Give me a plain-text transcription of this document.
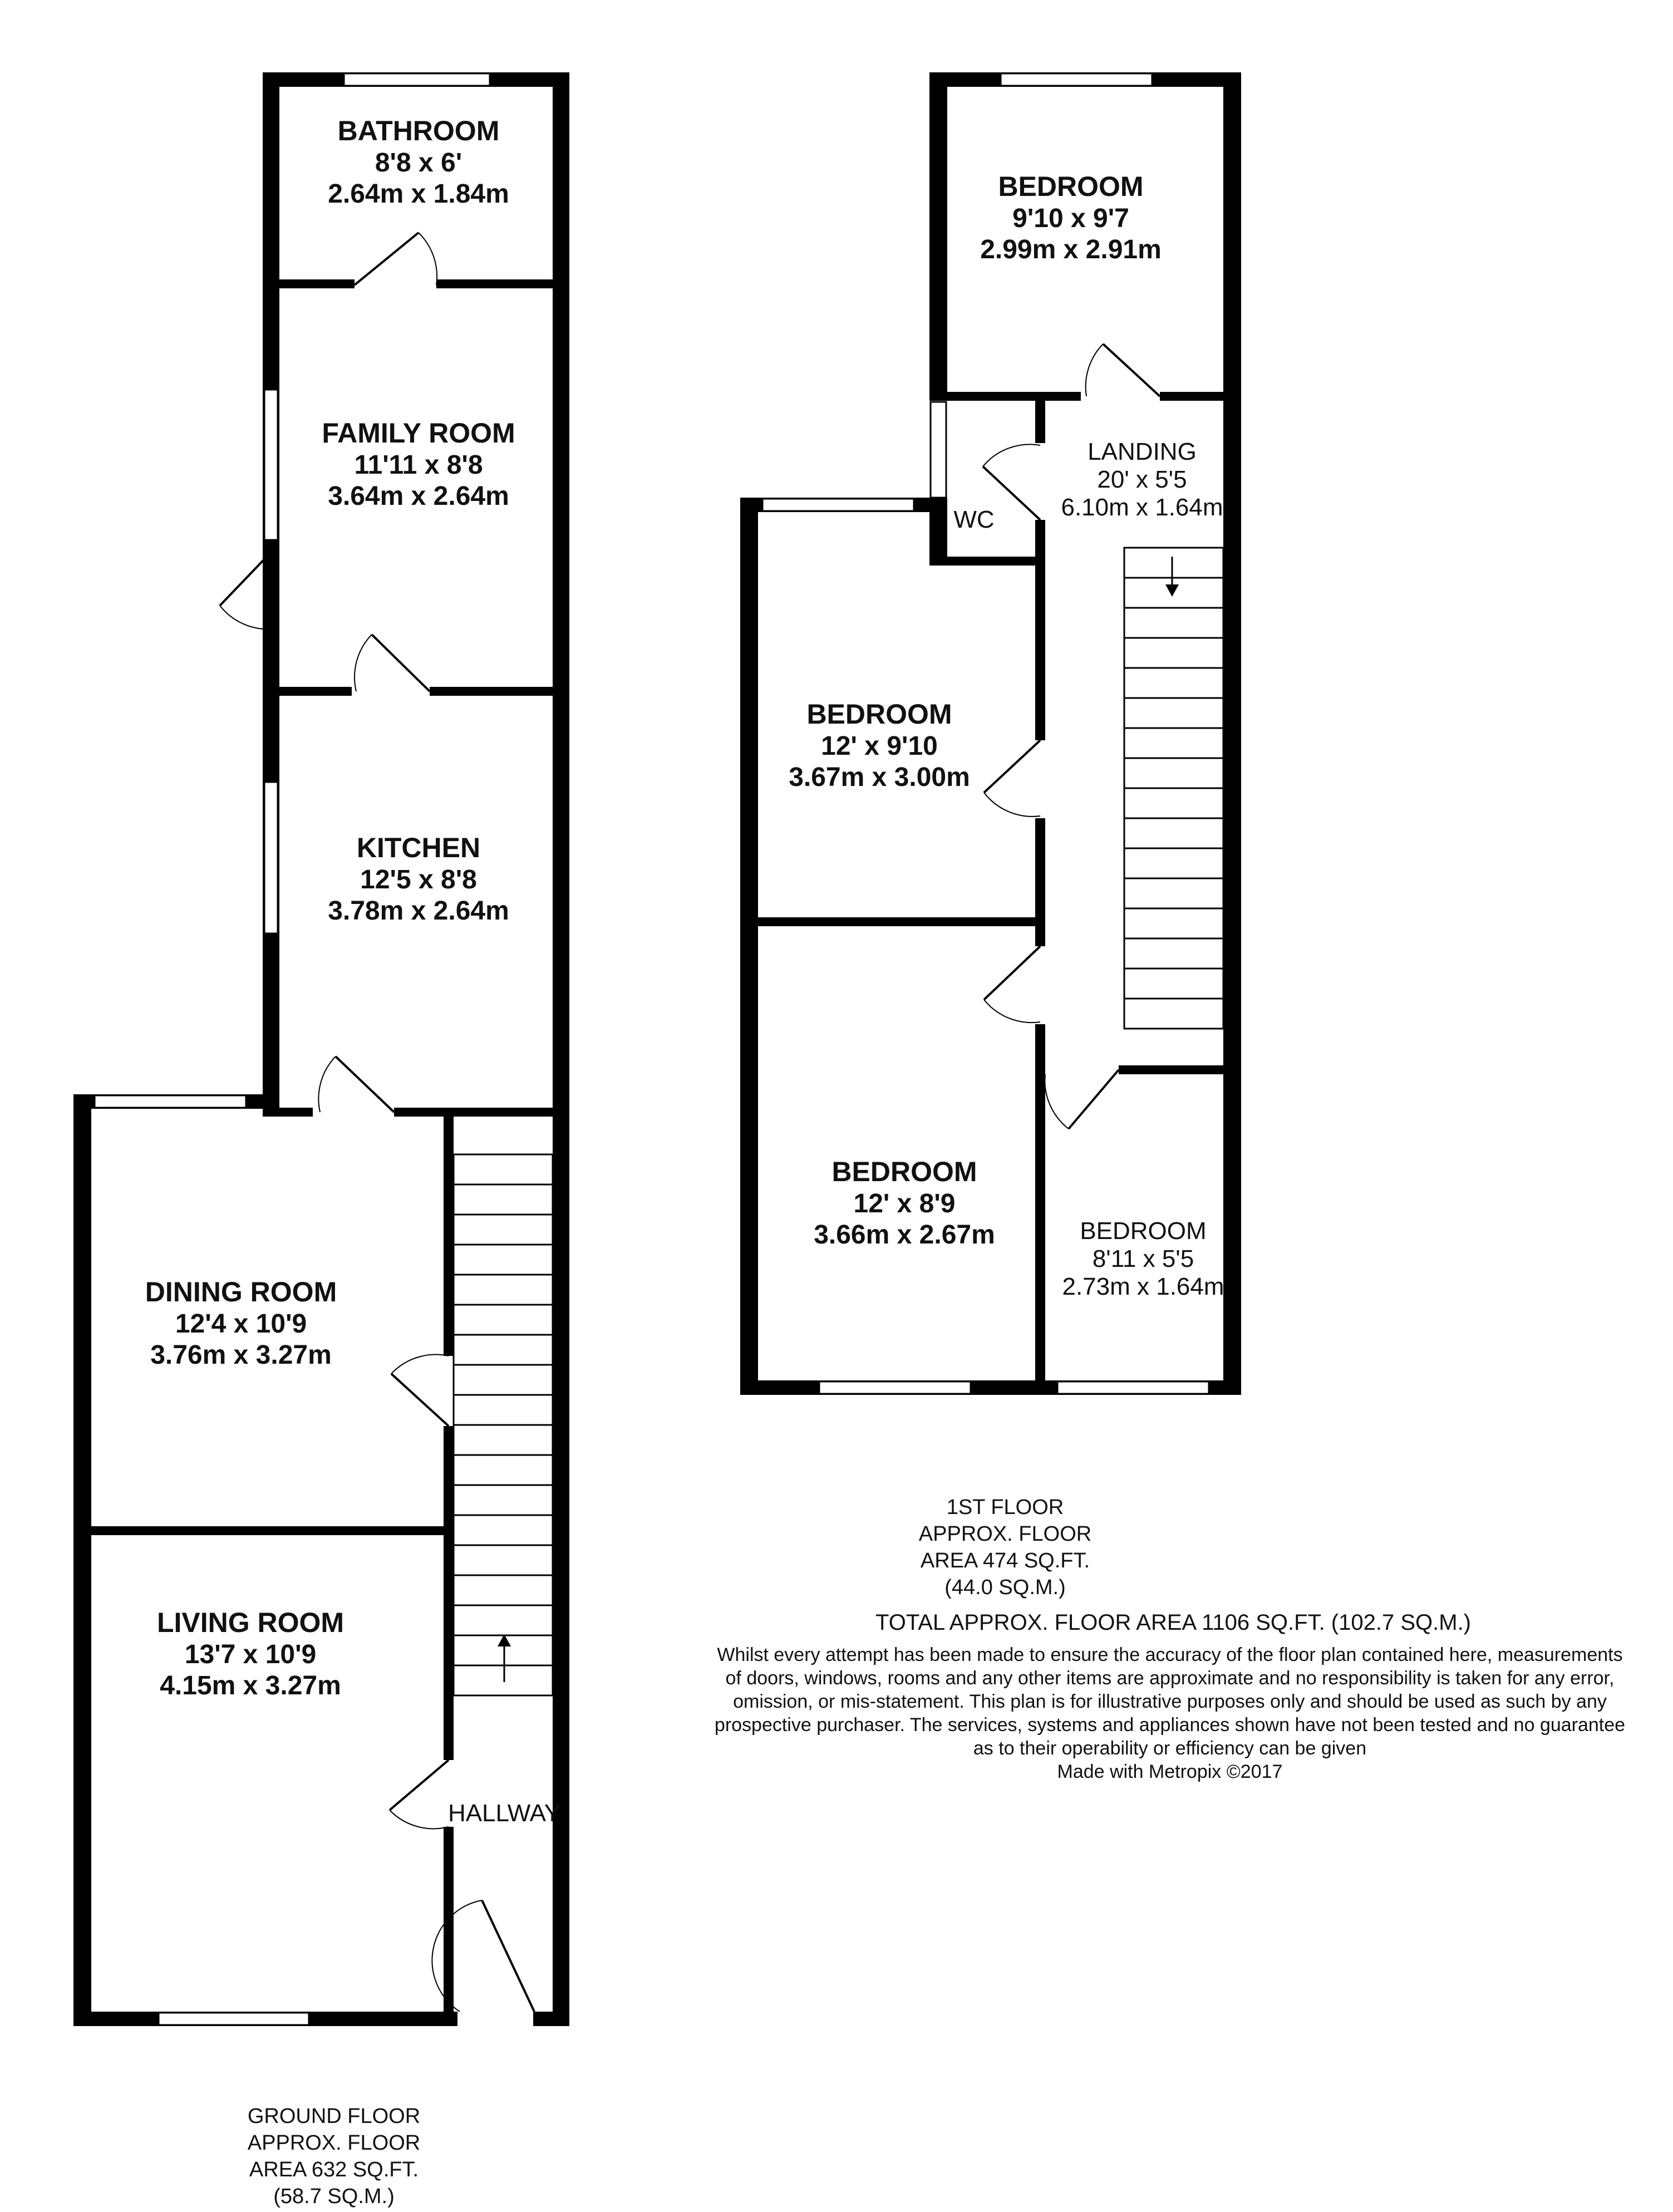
BATHROOM
8'8 x 6'
2.64m x 1.84m
FAMILY ROOM
11'11 x 8'8
3.64m x 2.64m
KITCHEN
12'5 x 8'8
3.78m x 2.64m
DINING ROOM
12'4 x 10'9
3.76m x 3.27m
LIVING ROOM
13'7 x 10'9
4.15m x 3.27m
HALLWAY
BEDROOM
9'10 x 9'7
2.99m x 2.91m
LANDING
20' x 5'5
6.10m x 1.64m
WC
BEDROOM
12' x 9'10
3.67m x 3.00m
BEDROOM
12' x 8'9
3.66m x 2.67m	BEDROOM
8'11 x 5'5
2.73m x 1.64m
1ST FLOOR
APPROX. FLOOR
AREA 474 SQ.FT.
(44.0 SQ.M.)
TOTAL APPROX. FLOOR AREA 1106 SQ.FT. (102.7 SQ.M.)
Whilst every attempt has been made to ensure the accuracy of the floor plan contained here, measurements
of doors, windows, rooms and any other items are approximate and no responsibility is taken for any error,
omission, or mis-statement. This plan is for illustrative purposes only and should be used as such by any
prospective purchaser. The services, systems and appliances shown have not been tested and no guarantee
as to their operability or efficiency can be given
Made with Metropix ©2017
GROUND FLOOR
APPROX. FLOOR
AREA 632 SQ.FT.
(58.7 SQ.M.)
